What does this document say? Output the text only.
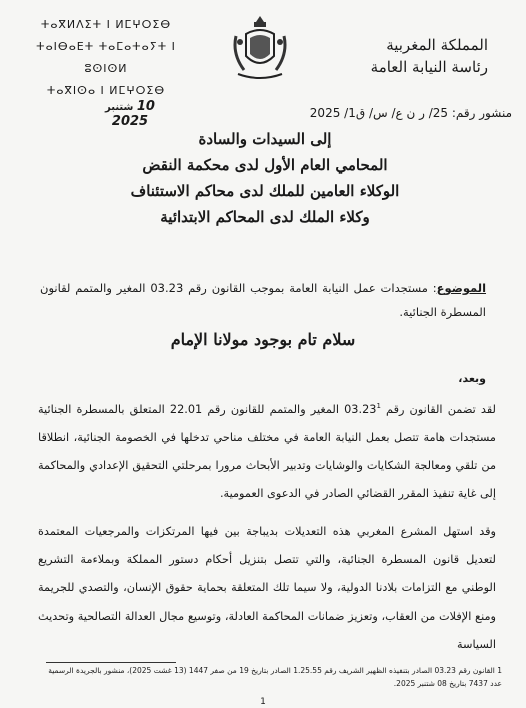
المملكة المغربية
رئاسة النيابة العامة
ⵜⴰⴳⵍⴷⵉⵜ ⵏ ⵍⵎⵖⵔⵉⴱ
ⵜⴰⵏⴱⴰⴹⵜ ⵜⴰⵎⴰⵜⴰⵢⵜ ⵏ ⵓⵙⵏⵙⵍ
ⵜⴰⴳⵏⵙⴰ ⵏ ⵍⵎⵖⵔⵉⴱ
10 شتنبر 2025
منشور رقم: 25/ ر ن ع/ س/ ق1/ 2025
إلى السيدات والسادة
المحامي العام الأول لدى محكمة النقض
الوكلاء العامين للملك لدى محاكم الاستئناف
وكلاء الملك لدى المحاكم الابتدائية
الموضوع: مستجدات عمل النيابة العامة بموجب القانون رقم 03.23 المغير والمتمم لقانون المسطرة الجنائية.
سلام تام بوجود مولانا الإمام
وبعد،
لقد تضمن القانون رقم 03.23$^1$ المغير والمتمم للقانون رقم 22.01 المتعلق بالمسطرة الجنائية مستجدات هامة تتصل بعمل النيابة العامة في مختلف مناحي تدخلها في الخصومة الجنائية، انطلاقا من تلقي ومعالجة الشكايات والوشايات وتدبير الأبحاث مرورا بمرحلتي التحقيق الإعدادي والمحاكمة إلى غاية تنفيذ المقرر القضائي الصادر في الدعوى العمومية.
وقد استهل المشرع المغربي هذه التعديلات بديباجة بين فيها المرتكزات والمرجعيات المعتمدة لتعديل قانون المسطرة الجنائية، والتي تتصل بتنزيل أحكام دستور المملكة وبملاءمة التشريع الوطني مع التزامات بلادنا الدولية، ولا سيما تلك المتعلقة بحماية حقوق الإنسان، والتصدي للجريمة ومنع الإفلات من العقاب، وتعزيز ضمانات المحاكمة العادلة، وتوسيع مجال العدالة التصالحية وتحديث السياسة
1 القانون رقم 03.23 الصادر بتنفيذه الظهير الشريف رقم 1.25.55 الصادر بتاريخ 19 من صفر 1447 (13 غشت 2025)، منشور بالجريدة الرسمية عدد 7437 بتاريخ 08 شتنبر 2025.
1
